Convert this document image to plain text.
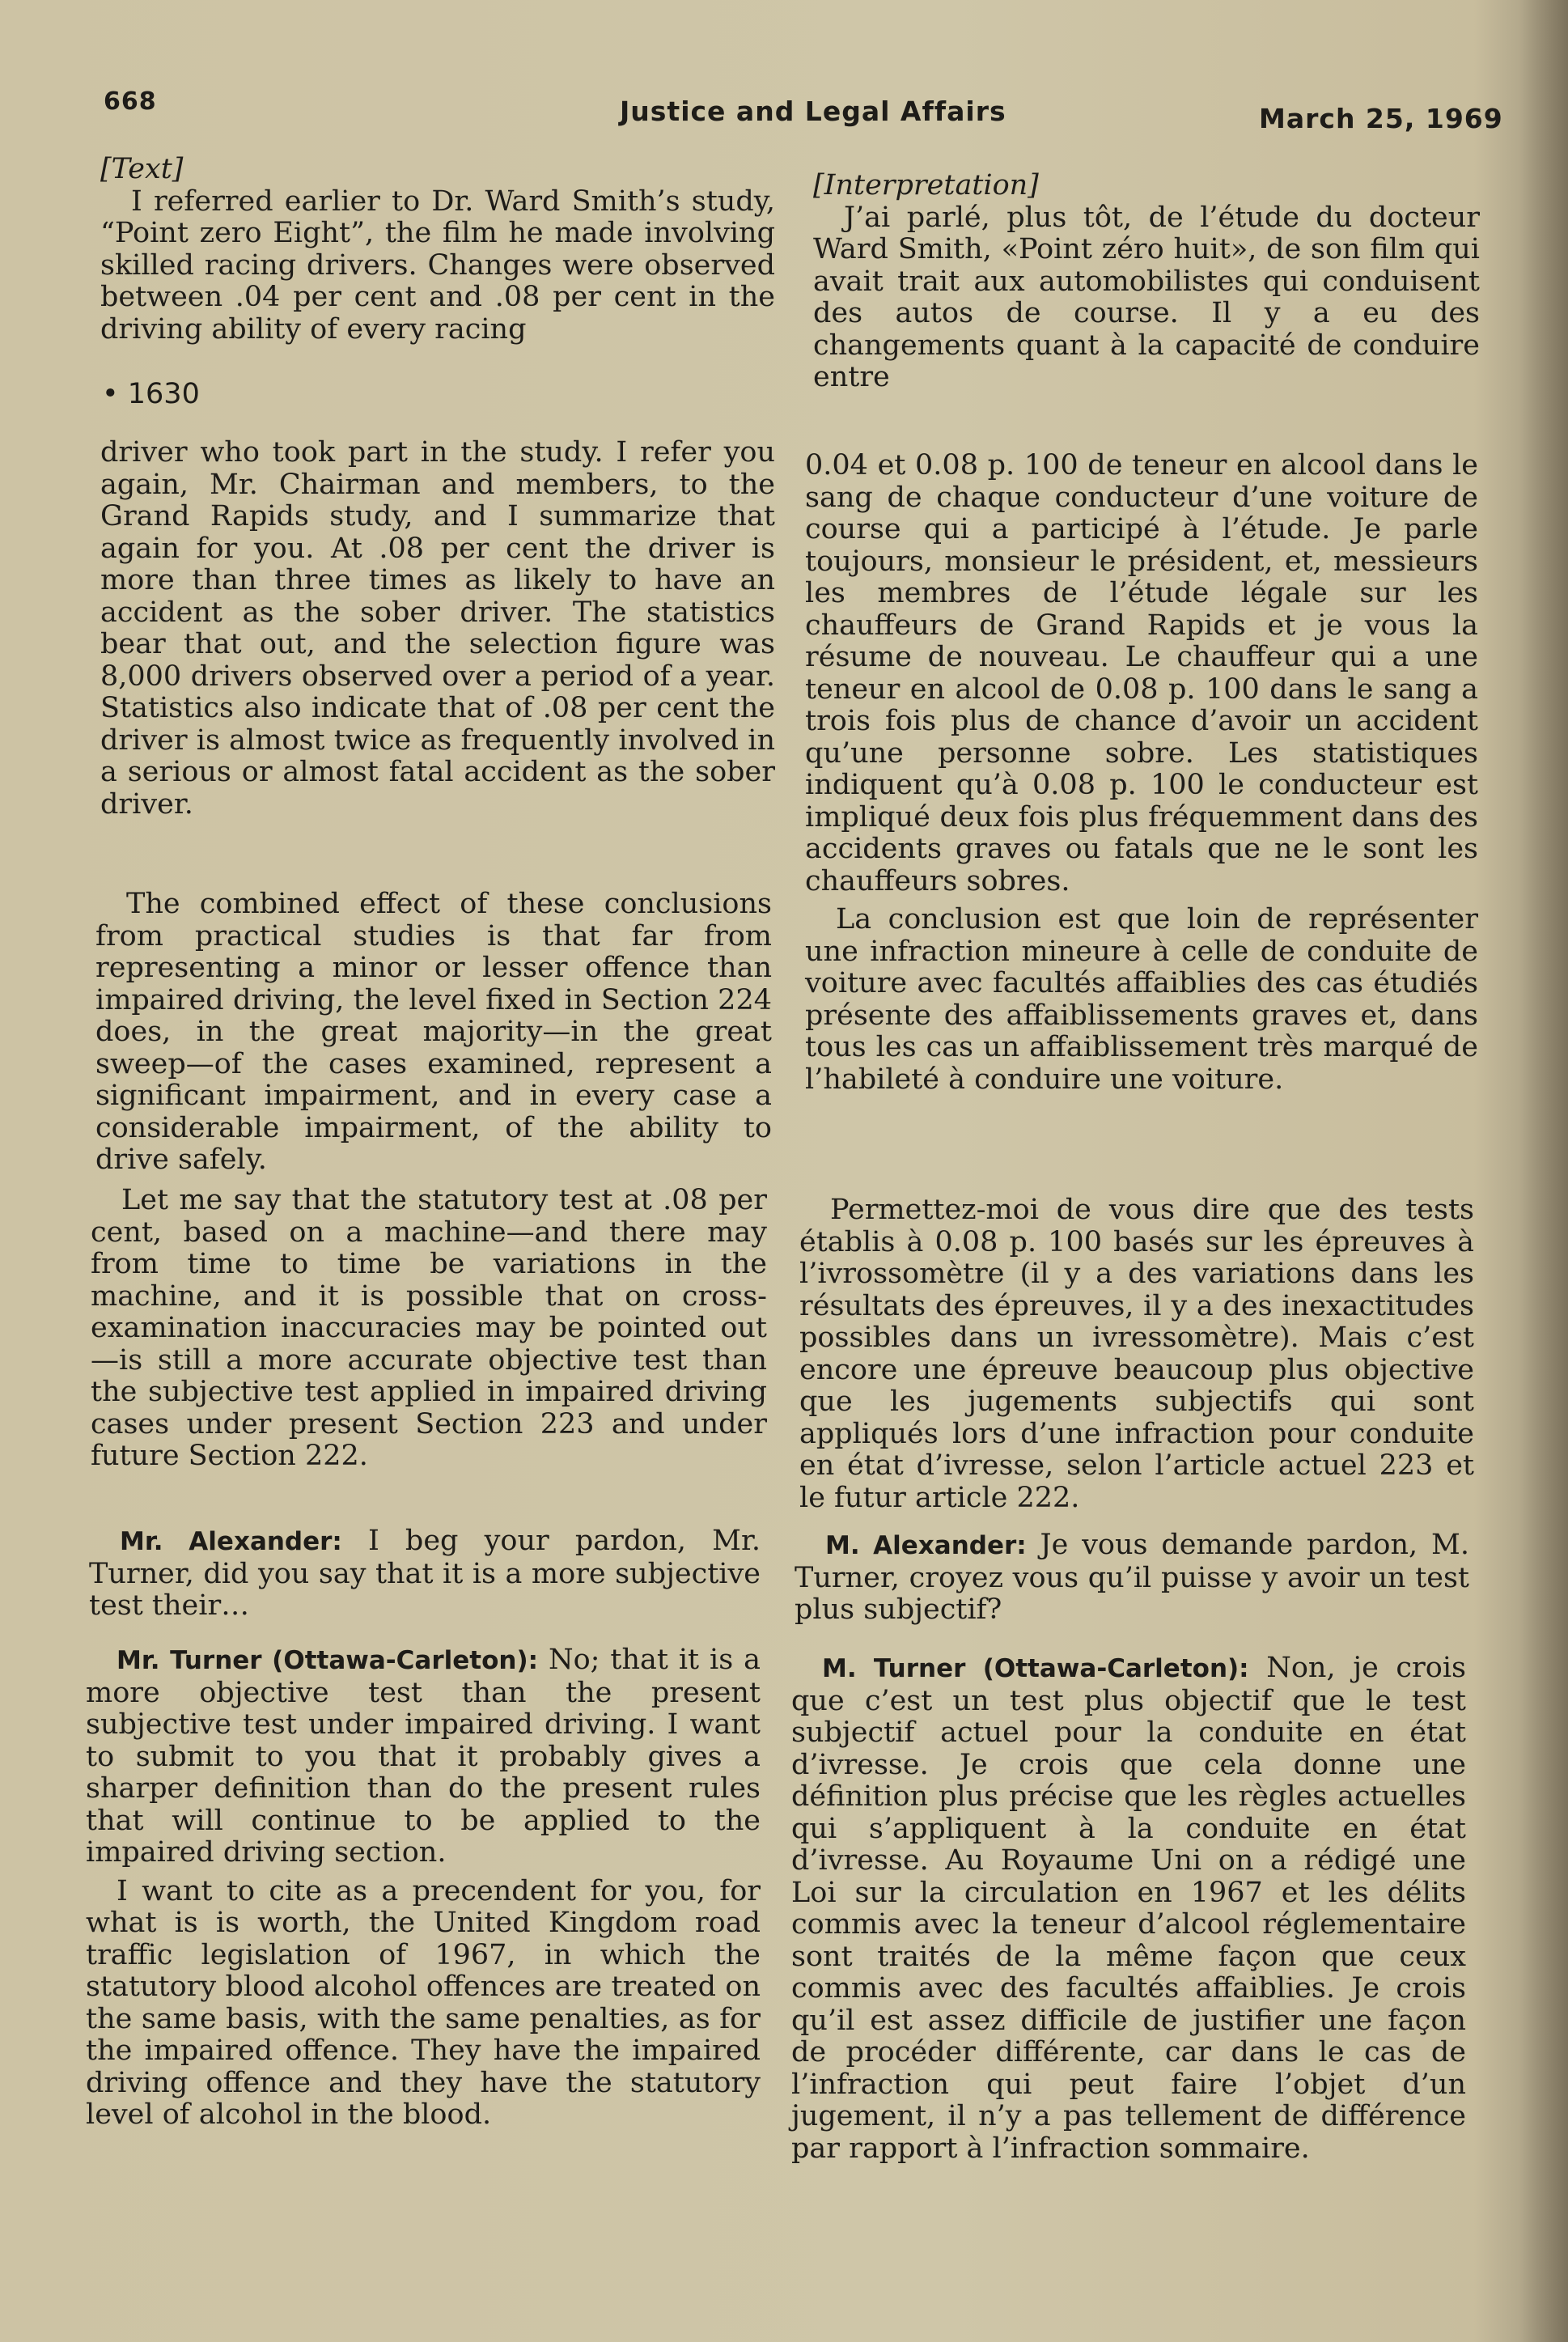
668	Justice and Legal Affairs	March 25, 1969

[Text]

I referred earlier to Dr. Ward Smith’s study, “Point zero Eight”, the film he made involving skilled racing drivers. Changes were observed between .04 per cent and .08 per cent in the driving ability of every racing

• 1630

driver who took part in the study. I refer you again, Mr. Chairman and members, to the Grand Rapids study, and I summarize that again for you. At .08 per cent the driver is more than three times as likely to have an accident as the sober driver. The statistics bear that out, and the selection figure was 8,000 drivers observed over a period of a year. Statistics also indicate that of .08 per cent the driver is almost twice as frequently involved in a serious or almost fatal accident as the sober driver.

The combined effect of these conclusions from practical studies is that far from representing a minor or lesser offence than impaired driving, the level fixed in Section 224 does, in the great majority—in the great sweep—of the cases examined, represent a significant impairment, and in every case a considerable impairment, of the ability to drive safely.

Let me say that the statutory test at .08 per cent, based on a machine—and there may from time to time be variations in the machine, and it is possible that on cross-examination inaccuracies may be pointed out—is still a more accurate objective test than the subjective test applied in impaired driving cases under present Section 223 and under future Section 222.

Mr. Alexander: I beg your pardon, Mr. Turner, did you say that it is a more subjective test their…

Mr. Turner (Ottawa-Carleton): No; that it is a more objective test than the present subjective test under impaired driving. I want to submit to you that it probably gives a sharper definition than do the present rules that will continue to be applied to the impaired driving section.

I want to cite as a precendent for you, for what is is worth, the United Kingdom road traffic legislation of 1967, in which the statutory blood alcohol offences are treated on the same basis, with the same penalties, as for the impaired offence. They have the impaired driving offence and they have the statutory level of alcohol in the blood.

[Interpretation]

J’ai parlé, plus tôt, de l’étude du docteur Ward Smith, «Point zéro huit», de son film qui avait trait aux automobilistes qui conduisent des autos de course. Il y a eu des changements quant à la capacité de conduire entre

0.04 et 0.08 p. 100 de teneur en alcool dans le sang de chaque conducteur d’une voiture de course qui a participé à l’étude. Je parle toujours, monsieur le président, et, messieurs les membres de l’étude légale sur les chauffeurs de Grand Rapids et je vous la résume de nouveau. Le chauffeur qui a une teneur en alcool de 0.08 p. 100 dans le sang a trois fois plus de chance d’avoir un accident qu’une personne sobre. Les statistiques indiquent qu’à 0.08 p. 100 le conducteur est impliqué deux fois plus fréquemment dans des accidents graves ou fatals que ne le sont les chauffeurs sobres.

La conclusion est que loin de représenter une infraction mineure à celle de conduite de voiture avec facultés affaiblies des cas étudiés présente des affaiblissements graves et, dans tous les cas un affaiblissement très marqué de l’habileté à conduire une voiture.

Permettez-moi de vous dire que des tests établis à 0.08 p. 100 basés sur les épreuves à l’ivrossomètre (il y a des variations dans les résultats des épreuves, il y a des inexactitudes possibles dans un ivressomètre). Mais c’est encore une épreuve beaucoup plus objective que les jugements subjectifs qui sont appliqués lors d’une infraction pour conduite en état d’ivresse, selon l’article actuel 223 et le futur article 222.

M. Alexander: Je vous demande pardon, M. Turner, croyez vous qu’il puisse y avoir un test plus subjectif?

M. Turner (Ottawa-Carleton): Non, je crois que c’est un test plus objectif que le test subjectif actuel pour la conduite en état d’ivresse. Je crois que cela donne une définition plus précise que les règles actuelles qui s’appliquent à la conduite en état d’ivresse. Au Royaume Uni on a rédigé une Loi sur la circulation en 1967 et les délits commis avec la teneur d’alcool réglementaire sont traités de la même façon que ceux commis avec des facultés affaiblies. Je crois qu’il est assez difficile de justifier une façon de procéder différente, car dans le cas de l’infraction qui peut faire l’objet d’un jugement, il n’y a pas tellement de différence par rapport à l’infraction sommaire.
